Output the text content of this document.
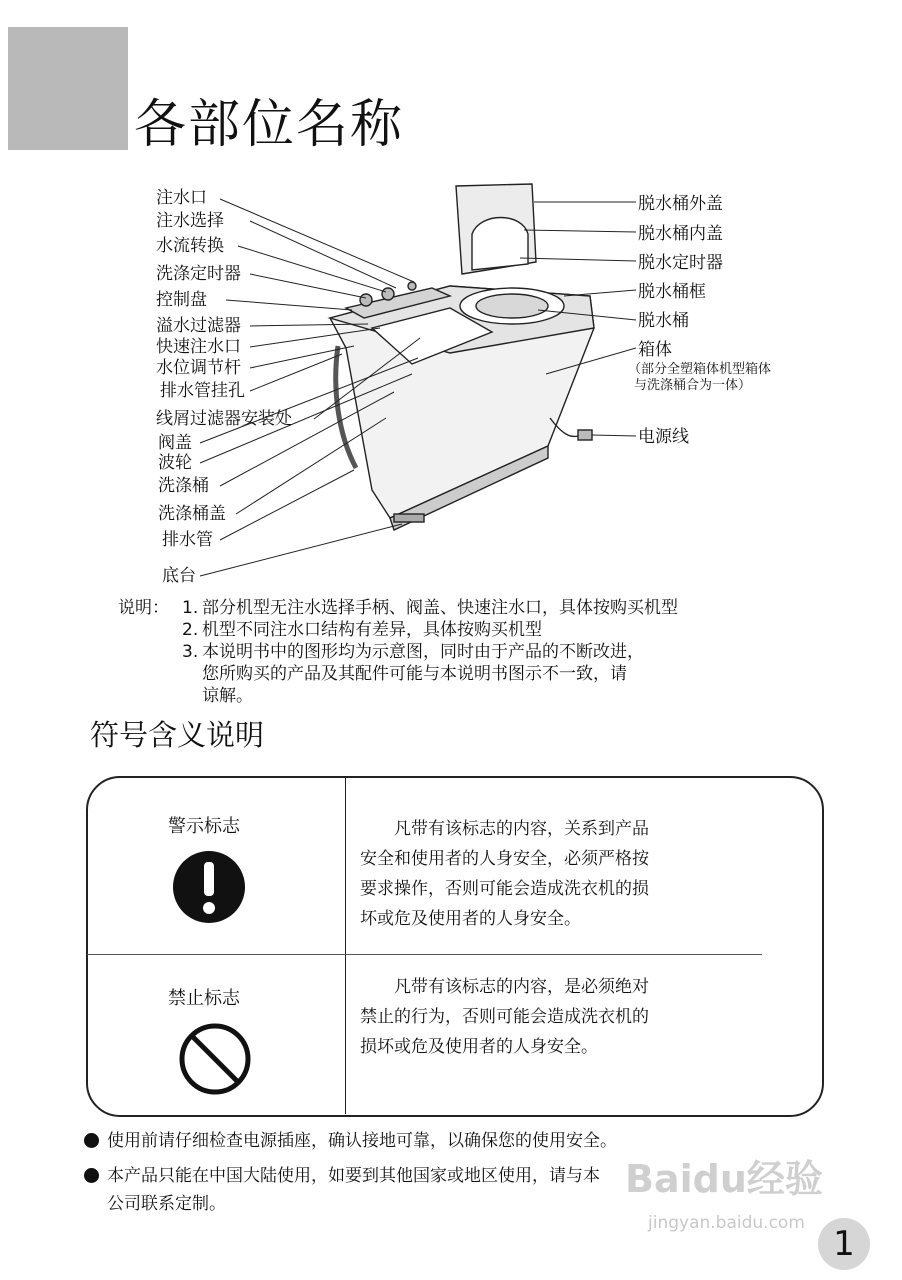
各部位名称
注水口
注水选择
水流转换
洗涤定时器
控制盘
溢水过滤器
快速注水口
水位调节杆
排水管挂孔
线屑过滤器安装处
阀盖
波轮
洗涤桶
洗涤桶盖
排水管
底台
脱水桶外盖
脱水桶内盖
脱水定时器
脱水桶框
脱水桶
箱体
（部分全塑箱体机型箱体
与洗涤桶合为一体）
电源线
说明： 1. 部分机型无注水选择手柄、阀盖、快速注水口，具体按购买机型
2. 机型不同注水口结构有差异，具体按购买机型
3. 本说明书中的图形均为示意图，同时由于产品的不断改进，
您所购买的产品及其配件可能与本说明书图示不一致，请
谅解。
符号含义说明
警示标志	　　凡带有该标志的内容，关系到产品

安全和使用者的人身安全，必须严格按

要求操作，否则可能会造成洗衣机的损

坏或危及使用者的人身安全。

禁止标志

　　凡带有该标志的内容，是必须绝对

禁止的行为，否则可能会造成洗衣机的

损坏或危及使用者的人身安全。

使用前请仔细检查电源插座，确认接地可靠，以确保您的使用安全。
本产品只能在中国大陆使用，如要到其他国家或地区使用，请与本
公司联系定制。
Baidu经验
jingyan.baidu.com
1
